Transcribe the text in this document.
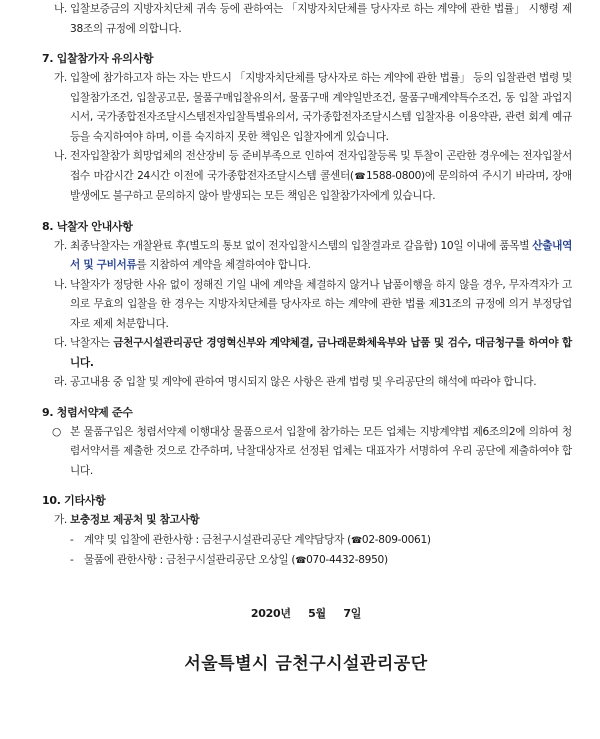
나. 입찰보증금의 지방자치단체 귀속 등에 관하여는 「지방자치단체를 당사자로 하는 계약에 관한 법률」 시행령 제38조의 규정에 의합니다.
7. 입찰참가자 유의사항
가. 입찰에 참가하고자 하는 자는 반드시 「지방자치단체를 당사자로 하는 계약에 관한 법률」 등의 입찰관련 법령 및 입찰참가조건, 입찰공고문, 물품구매입찰유의서, 물품구매 계약일반조건, 물품구매계약특수조건, 동 입찰 과업지시서, 국가종합전자조달시스템전자입찰특별유의서, 국가종합전자조달시스템 입찰자용 이용약관, 관련 회계 예규 등을 숙지하여야 하며, 이를 숙지하지 못한 책임은 입찰자에게 있습니다.
나. 전자입찰참가 희망업체의 전산장비 등 준비부족으로 인하여 전자입찰등록 및 투찰이 곤란한 경우에는 전자입찰서 접수 마감시간 24시간 이전에 국가종합전자조달시스템 콜센터(☎1588-0800)에 문의하여 주시기 바라며, 장애발생에도 불구하고 문의하지 않아 발생되는 모든 책임은 입찰참가자에게 있습니다.
8. 낙찰자 안내사항
가. 최종낙찰자는 개찰완료 후(별도의 통보 없이 전자입찰시스템의 입찰결과로 갈음함) 10일 이내에 품목별 산출내역서 및 구비서류를 지참하여 계약을 체결하여야 합니다.
나. 낙찰자가 정당한 사유 없이 정해진 기일 내에 계약을 체결하지 않거나 납품이행을 하지 않을 경우, 무자격자가 고의로 무효의 입찰을 한 경우는 지방자치단체를 당사자로 하는 계약에 관한 법률 제31조의 규정에 의거 부정당업자로 제제 처분합니다.
다. 낙찰자는 금천구시설관리공단 경영혁신부와 계약체결, 금나래문화체육부와 납품 및 검수, 대금청구를 하여야 합니다.
라. 공고내용 중 입찰 및 계약에 관하여 명시되지 않은 사항은 관계 법령 및 우리공단의 해석에 따라야 합니다.
9. 청렴서약제 준수
○ 본 물품구입은 청렴서약제 이행대상 물품으로서 입찰에 참가하는 모든 업체는 지방계약법 제6조의2에 의하여 청렴서약서를 제출한 것으로 간주하며, 낙찰대상자로 선정된 업체는 대표자가 서명하여 우리 공단에 제출하여야 합니다.
10. 기타사항
가. 보충정보 제공처 및 참고사항
- 계약 및 입찰에 관한사항 : 금천구시설관리공단 계약담당자 (☎02-809-0061)
- 물품에 관한사항 : 금천구시설관리공단 오상일 (☎070-4432-8950)
2020년 5월 7일
서울특별시 금천구시설관리공단
